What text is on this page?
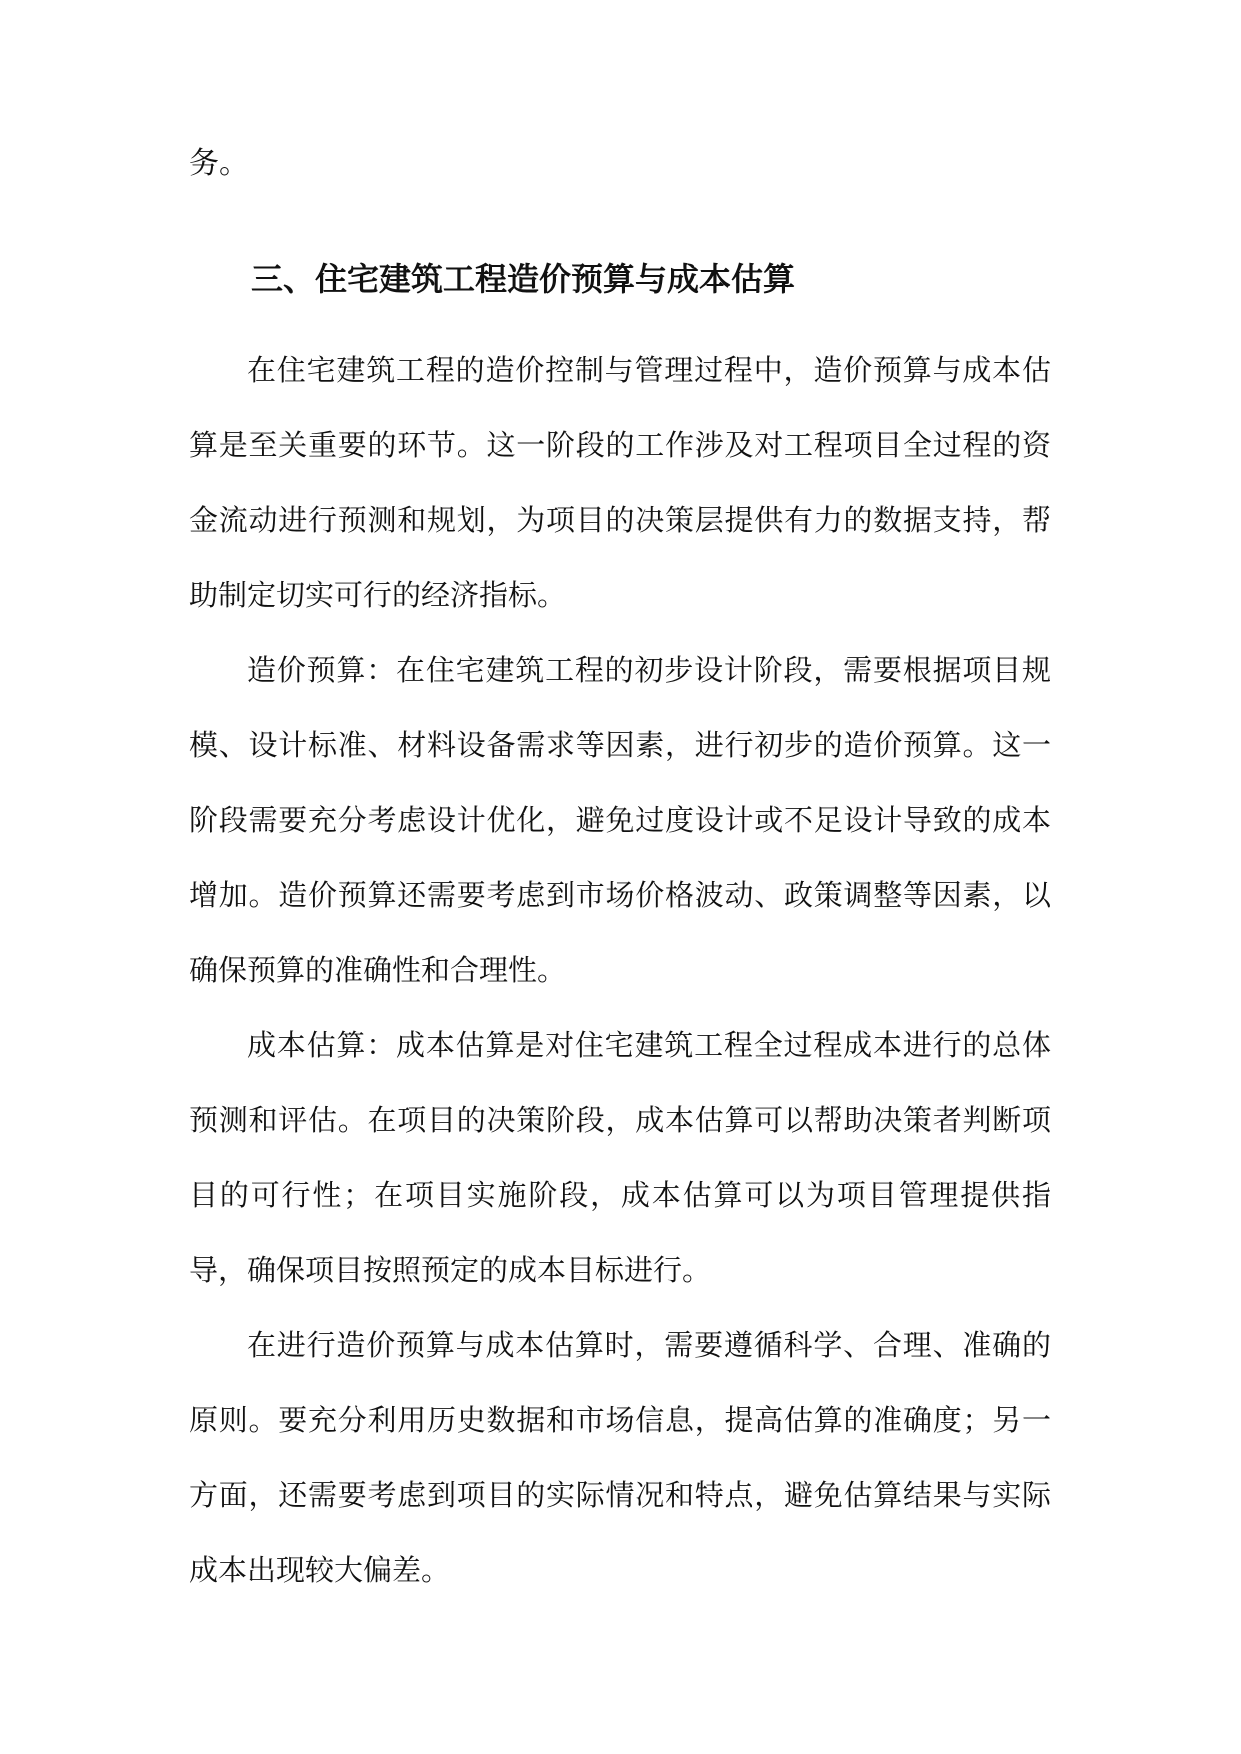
务。

三、住宅建筑工程造价预算与成本估算

在住宅建筑工程的造价控制与管理过程中，造价预算与成本估算是至关重要的环节。这一阶段的工作涉及对工程项目全过程的资金流动进行预测和规划，为项目的决策层提供有力的数据支持，帮助制定切实可行的经济指标。

造价预算：在住宅建筑工程的初步设计阶段，需要根据项目规模、设计标准、材料设备需求等因素，进行初步的造价预算。这一阶段需要充分考虑设计优化，避免过度设计或不足设计导致的成本增加。造价预算还需要考虑到市场价格波动、政策调整等因素，以确保预算的准确性和合理性。

成本估算：成本估算是对住宅建筑工程全过程成本进行的总体预测和评估。在项目的决策阶段，成本估算可以帮助决策者判断项目的可行性；在项目实施阶段，成本估算可以为项目管理提供指导，确保项目按照预定的成本目标进行。

在进行造价预算与成本估算时，需要遵循科学、合理、准确的原则。要充分利用历史数据和市场信息，提高估算的准确度；另一方面，还需要考虑到项目的实际情况和特点，避免估算结果与实际成本出现较大偏差。
